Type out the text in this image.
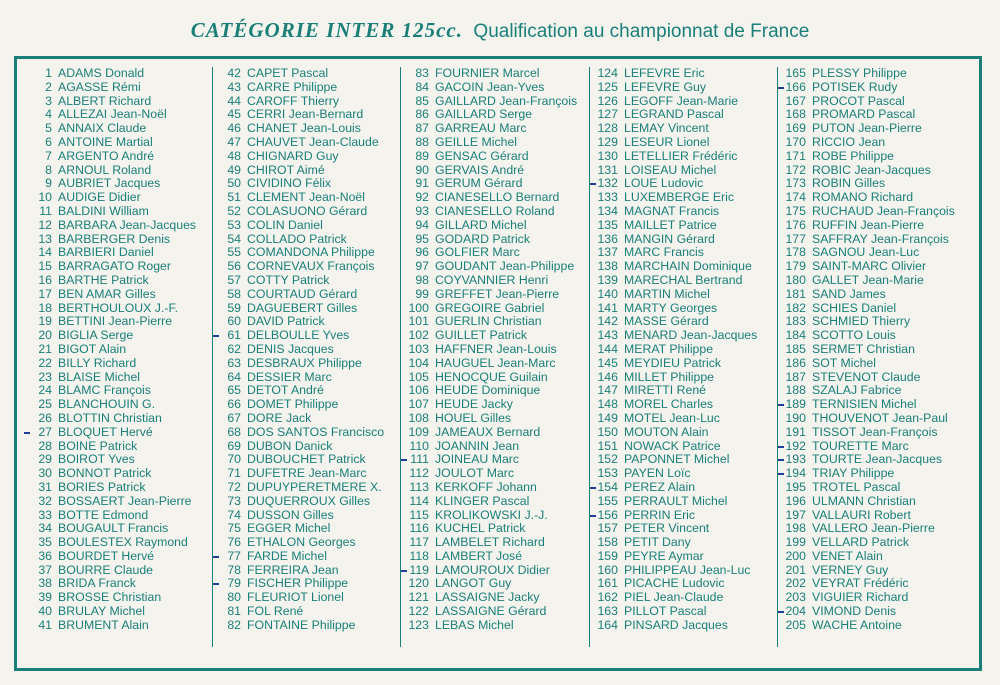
CATÉGORIE INTER 125cc. Qualification au championnat de France
1 ADAMS Donald
2 AGASSE Rémi
3 ALBERT Richard
4 ALLEZAI Jean-Noël
5 ANNAIX Claude
6 ANTOINE Martial
7 ARGENTO André
8 ARNOUL Roland
9 AUBRIET Jacques
10 AUDIGE Didier
11 BALDINI William
12 BARBARA Jean-Jacques
13 BARBERGER Denis
14 BARBIERI Daniel
15 BARRAGATO Roger
16 BARTHE Patrick
17 BEN AMAR Gilles
18 BERTHOULOUX J.-F.
19 BETTINI Jean-Pierre
20 BIGLIA Serge
21 BIGOT Alain
22 BILLY Richard
23 BLAISE Michel
24 BLAMC François
25 BLANCHOUIN G.
26 BLOTTIN Christian
27 BLOQUET Hervé
28 BOINE Patrick
29 BOIROT Yves
30 BONNOT Patrick
31 BORIES Patrick
32 BOSSAERT Jean-Pierre
33 BOTTE Edmond
34 BOUGAULT Francis
35 BOULESTEX Raymond
36 BOURDET Hervé
37 BOURRE Claude
38 BRIDA Franck
39 BROSSE Christian
40 BRULAY Michel
41 BRUMENT Alain
42 CAPET Pascal
43 CARRE Philippe
44 CAROFF Thierry
45 CERRI Jean-Bernard
46 CHANET Jean-Louis
47 CHAUVET Jean-Claude
48 CHIGNARD Guy
49 CHIROT Aimé
50 CIVIDINO Félix
51 CLEMENT Jean-Noël
52 COLASUONO Gérard
53 COLIN Daniel
54 COLLADO Patrick
55 COMANDONA Philippe
56 CORNEVAUX François
57 COTTY Patrick
58 COURTAUD Gérard
59 DAGUEBERT Gilles
60 DAVID Patrick
61 DELBOULLE Yves
62 DENIS Jacques
63 DESBRAUX Philippe
64 DESSIER Marc
65 DETOT André
66 DOMET Philippe
67 DORE Jack
68 DOS SANTOS Francisco
69 DUBON Danick
70 DUBOUCHET Patrick
71 DUFETRE Jean-Marc
72 DUPUYPERETMERE X.
73 DUQUERROUX Gilles
74 DUSSON Gilles
75 EGGER Michel
76 ETHALON Georges
77 FARDE Michel
78 FERREIRA Jean
79 FISCHER Philippe
80 FLEURIOT Lionel
81 FOL René
82 FONTAINE Philippe
83 FOURNIER Marcel
84 GACOIN Jean-Yves
85 GAILLARD Jean-François
86 GAILLARD Serge
87 GARREAU Marc
88 GEILLE Michel
89 GENSAC Gérard
90 GERVAIS André
91 GERUM Gérard
92 CIANESELLO Bernard
93 CIANESELLO Roland
94 GILLARD Michel
95 GODARD Patrick
96 GOLFIER Marc
97 GOUDANT Jean-Philippe
98 COYVANNIER Henri
99 GREFFET Jean-Pierre
100 GREGOIRE Gabriel
101 GUERLIN Christian
102 GUILLET Patrick
103 HAFFNER Jean-Louis
104 HAUGUEL Jean-Marc
105 HENOCQUE Guilain
106 HEUDE Dominique
107 HEUDE Jacky
108 HOUEL Gilles
109 JAMEAUX Bernard
110 JOANNIN Jean
111 JOINEAU Marc
112 JOULOT Marc
113 KERKOFF Johann
114 KLINGER Pascal
115 KROLIKOWSKI J.-J.
116 KUCHEL Patrick
117 LAMBELET Richard
118 LAMBERT José
119 LAMOUROUX Didier
120 LANGOT Guy
121 LASSAIGNE Jacky
122 LASSAIGNE Gérard
123 LEBAS Michel
124 LEFEVRE Eric
125 LEFEVRE Guy
126 LEGOFF Jean-Marie
127 LEGRAND Pascal
128 LEMAY Vincent
129 LESEUR Lionel
130 LETELLIER Frédéric
131 LOISEAU Michel
132 LOUE Ludovic
133 LUXEMBERGE Eric
134 MAGNAT Francis
135 MAILLET Patrice
136 MANGIN Gérard
137 MARC Francis
138 MARCHAIN Dominique
139 MARECHAL Bertrand
140 MARTIN Michel
141 MARTY Georges
142 MASSE Gérard
143 MENARD Jean-Jacques
144 MERAT Philippe
145 MEYDIEU Patrick
146 MILLET Philippe
147 MIRETTI René
148 MOREL Charles
149 MOTEL Jean-Luc
150 MOUTON Alain
151 NOWACK Patrice
152 PAPONNET Michel
153 PAYEN Loïc
154 PEREZ Alain
155 PERRAULT Michel
156 PERRIN Eric
157 PETER Vincent
158 PETIT Dany
159 PEYRE Aymar
160 PHILIPPEAU Jean-Luc
161 PICACHE Ludovic
162 PIEL Jean-Claude
163 PILLOT Pascal
164 PINSARD Jacques
165 PLESSY Philippe
166 POTISEK Rudy
167 PROCOT Pascal
168 PROMARD Pascal
169 PUTON Jean-Pierre
170 RICCIO Jean
171 ROBE Philippe
172 ROBIC Jean-Jacques
173 ROBIN Gilles
174 ROMANO Richard
175 RUCHAUD Jean-François
176 RUFFIN Jean-Pierre
177 SAFFRAY Jean-François
178 SAGNOU Jean-Luc
179 SAINT-MARC Olivier
180 GALLET Jean-Marie
181 SAND James
182 SCHIES Daniel
183 SCHMIED Thierry
184 SCOTTO Louis
185 SERMET Christian
186 SOT Michel
187 STEVENOT Claude
188 SZALAJ Fabrice
189 TERNISIEN Michel
190 THOUVENOT Jean-Paul
191 TISSOT Jean-François
192 TOURETTE Marc
193 TOURTE Jean-Jacques
194 TRIAY Philippe
195 TROTEL Pascal
196 ULMANN Christian
197 VALLAURI Robert
198 VALLERO Jean-Pierre
199 VELLARD Patrick
200 VENET Alain
201 VERNEY Guy
202 VEYRAT Frédéric
203 VIGUIER Richard
204 VIMOND Denis
205 WACHE Antoine
